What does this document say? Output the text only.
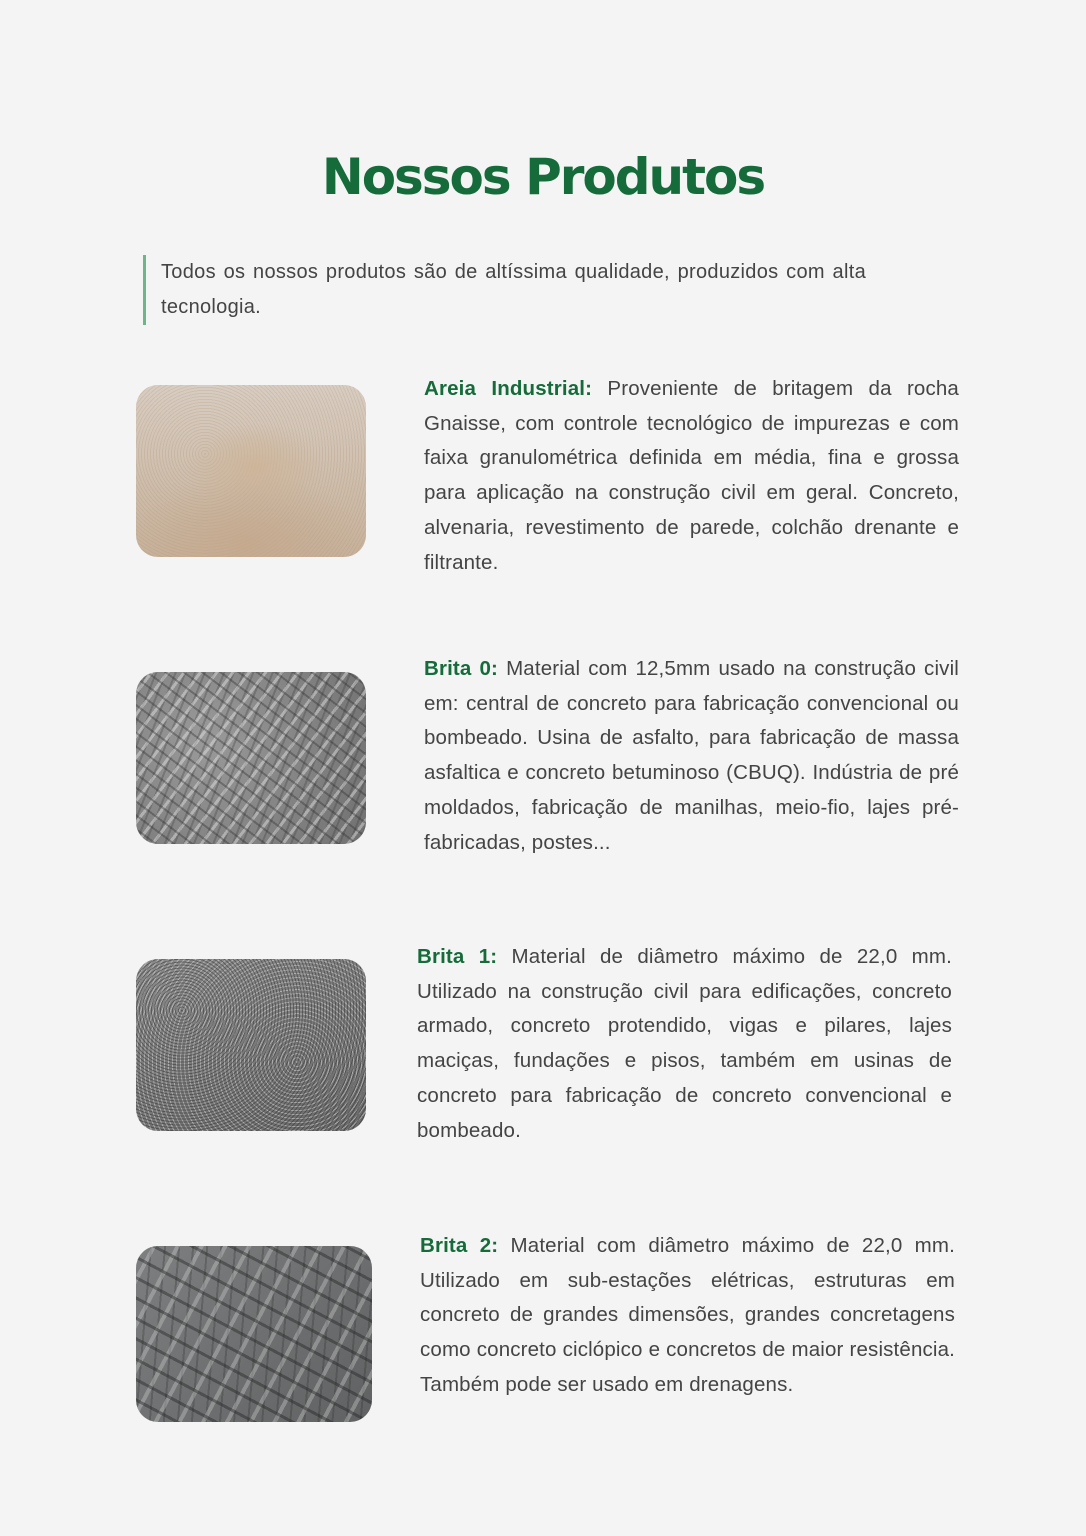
Nossos Produtos
Todos os nossos produtos são de altíssima qualidade, produzidos com alta tecnologia.

Areia Industrial: Proveniente de britagem da rocha Gnaisse, com controle tecnológico de impurezas e com faixa granulométrica definida em média, fina e grossa para aplicação na construção civil em geral. Concreto, alvenaria, revestimento de parede, colchão drenante e filtrante.

Brita 0: Material com 12,5mm usado na construção civil em: central de concreto para fabricação convencional ou bombeado. Usina de asfalto, para fabricação de massa asfaltica e concreto betuminoso (CBUQ). Indústria de pré moldados, fabricação de manilhas, meio-fio, lajes pré-fabricadas, postes...

Brita 1: Material de diâmetro máximo de 22,0 mm. Utilizado na construção civil para edificações, concreto armado, concreto protendido, vigas e pilares, lajes maciças, fundações e pisos, também em usinas de concreto para fabricação de concreto convencional e bombeado.

Brita 2: Material com diâmetro máximo de 22,0 mm. Utilizado em sub-estações elétricas, estruturas em concreto de grandes dimensões, grandes concretagens como concreto ciclópico e concretos de maior resistência. Também pode ser usado em drenagens.
